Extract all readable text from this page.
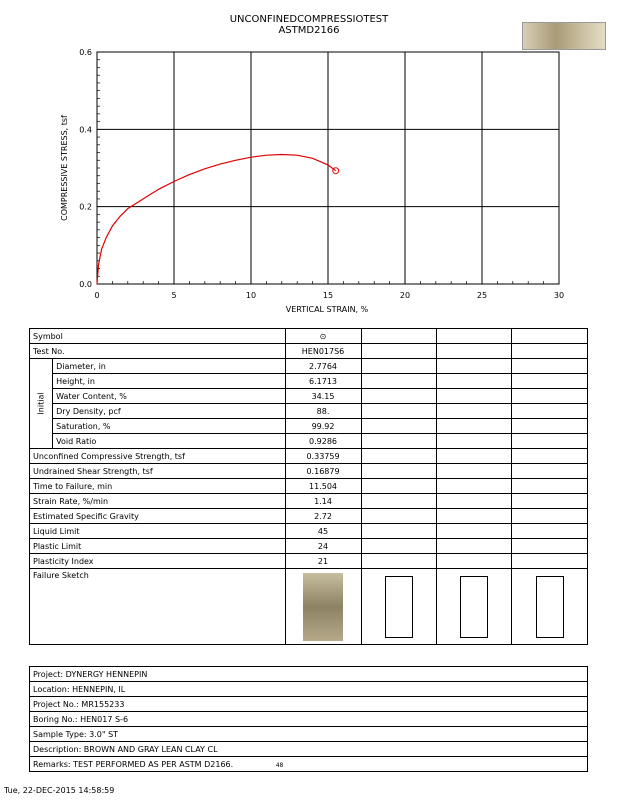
UNCONFINEDCOMPRESSIOTEST
ASTMD2166
0	5	10	15	20	25	30
0.0
0.2
0.4
0.6
VERTICAL STRAIN, %
COMPRESSIVE STRESS, tsf
Symbol		⊙			
Test No.		HEN017S6			

Initial	Diameter, in	2.7764			
	Height, in	6.1713			
	Water Content, %	34.15			
	Dry Density, pcf	88.			
	Saturation, %	99.92			
	Void Ratio	0.9286			
Unconfined Compressive Strength, tsf		0.33759			
Undrained Shear Strength, tsf		0.16879			
Time to Failure, min		11.504			
Strain Rate, %/min		1.14			
Estimated Specific Gravity		2.72			
Liquid Limit		45			
Plastic Limit		24			
Plasticity Index		21			
Failure Sketch		

Project: DYNERGY HENNEPIN
Location: HENNEPIN, IL
Project No.: MR155233
Boring No.: HEN017 S-6
Sample Type: 3.0" ST
Description: BROWN AND GRAY LEAN CLAY CL
Remarks: TEST PERFORMED AS PER ASTM D2166.	48
Tue, 22-DEC-2015 14:58:59
